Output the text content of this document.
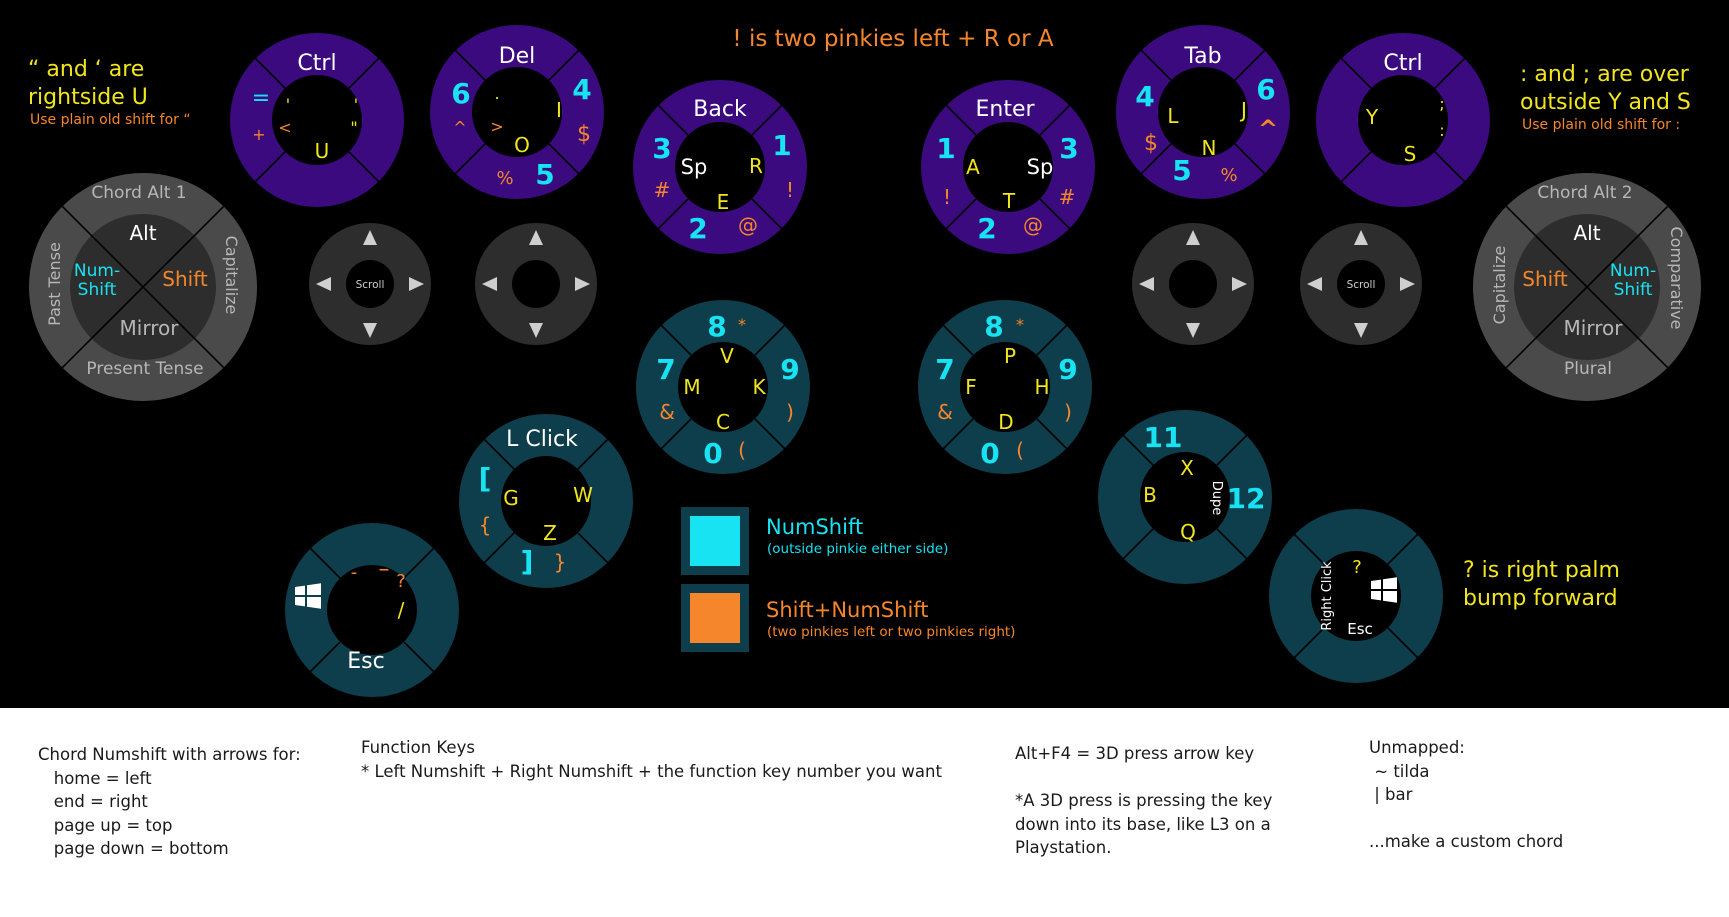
! is two pinkies left + R or A
“ and ‘ are
rightside U
Use plain old shift for “
: and ; are over
outside Y and S
Use plain old shift for :
? is right palm
bump forward
Ctrl
=
+
'
<
'
"
U
Del
6	4
5
^	$
%
.
>
I
O
Back
3	1
2
#	!
@
Sp R
E
Enter
1	3
2
!	#
@
Sp
A
T
Tab
4	6
5
$
^
%
L	J
N
Ctrl
Y
;
:
S
Chord Alt 1
Past Tense	Capitalize
Present Tense
Alt
Num-
Shift Shift
Mirror
Chord Alt 2
Capitalize	Comparative
Plural
Alt
Shift Num-
Shift
Mirror
Scroll	Scroll
8
7	9
0
*
&	)
(
V
M	K
C
8
7	9
0
*
&	)
(
P
F	H
D
L Click
[
]
{
}
G	W
Z
Esc
- – ?
/
11
12
X
B
Q
Dupe
Right Click ?
Esc
NumShift
(outside pinkie either side)
Shift+NumShift
(two pinkies left or two pinkies right)
Chord Numshift with arrows for:
home = left
end = right
page up = top
page down = bottom
Function Keys
* Left Numshift + Right Numshift + the function key number you want
Alt+F4 = 3D press arrow key

*A 3D press is pressing the key
down into its base, like L3 on a
Playstation.
Unmapped:
~ tilda
| bar

...make a custom chord
